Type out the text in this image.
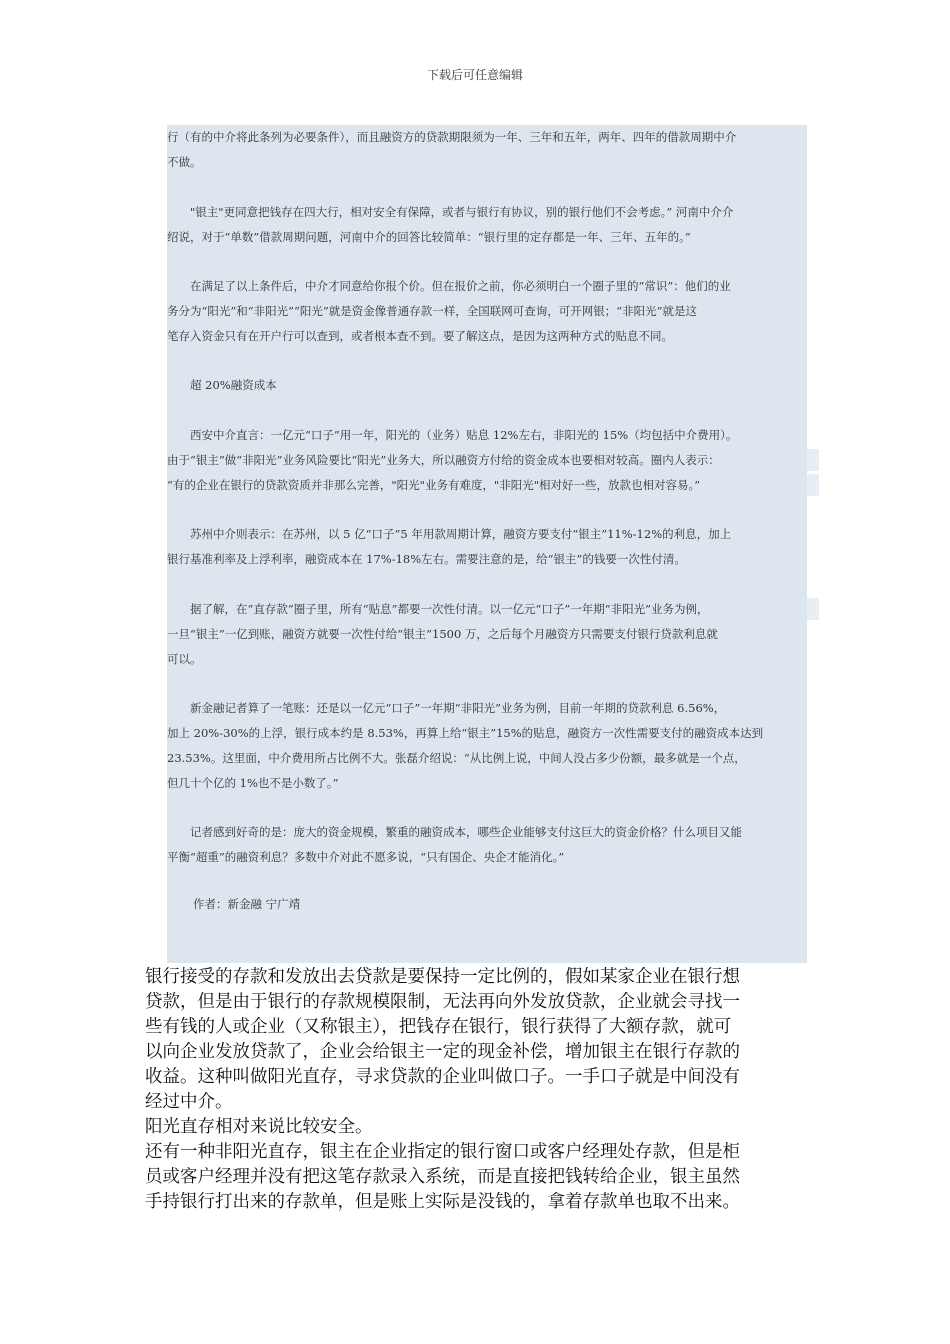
下载后可任意编辑
行（有的中介将此条列为必要条件），而且融资方的贷款期限须为一年、三年和五年，两年、四年的借款周期中介
不做。
　　"银主"更同意把钱存在四大行，相对安全有保障，或者与银行有协议，别的银行他们不会考虑。” 河南中介介
绍说，对于“单数”借款周期问题，河南中介的回答比较简单：“银行里的定存都是一年、三年、五年的。”
　　在满足了以上条件后，中介才同意给你报个价。但在报价之前，你必须明白一个圈子里的“常识”：他们的业
务分为“阳光”和“非阳光”“阳光”就是资金像普通存款一样，全国联网可查询，可开网银；“非阳光”就是这
笔存入资金只有在开户行可以查到，或者根本查不到。要了解这点，是因为这两种方式的贴息不同。
　　超 20%融资成本
　　西安中介直言：一亿元“口子”用一年，阳光的（业务）贴息 12%左右，非阳光的 15%（均包括中介费用）。
由于“银主”做“非阳光”业务风险要比“阳光”业务大，所以融资方付给的资金成本也要相对较高。圈内人表示：
“有的企业在银行的贷款资质并非那么完善，"阳光"业务有难度，"非阳光"相对好一些，放款也相对容易。”
　　苏州中介则表示：在苏州，以 5 亿“口子”5 年用款周期计算，融资方要支付“银主”11%-12%的利息，加上
银行基准利率及上浮利率，融资成本在 17%-18%左右。需要注意的是，给“银主”的钱要一次性付清。
　　据了解，在“直存款”圈子里，所有“贴息”都要一次性付清。以一亿元“口子”一年期“非阳光”业务为例，
一旦“银主”一亿到账，融资方就要一次性付给“银主”1500 万，之后每个月融资方只需要支付银行贷款利息就
可以。
　　新金融记者算了一笔账：还是以一亿元“口子”一年期“非阳光”业务为例，目前一年期的贷款利息 6.56%，
加上 20%-30%的上浮，银行成本约是 8.53%，再算上给“银主”15%的贴息，融资方一次性需要支付的融资成本达到
23.53%。这里面，中介费用所占比例不大。张磊介绍说：“从比例上说，中间人没占多少份额，最多就是一个点，
但几十个亿的 1%也不是小数了。”
　　记者感到好奇的是：庞大的资金规模，繁重的融资成本，哪些企业能够支付这巨大的资金价格？什么项目又能
平衡“超重”的融资利息？多数中介对此不愿多说，“只有国企、央企才能消化。”
作者：新金融 宁广靖
银行接受的存款和发放出去贷款是要保持一定比例的，假如某家企业在银行想
贷款，但是由于银行的存款规模限制，无法再向外发放贷款，企业就会寻找一
些有钱的人或企业（又称银主），把钱存在银行，银行获得了大额存款，就可
以向企业发放贷款了，企业会给银主一定的现金补偿，增加银主在银行存款的
收益。这种叫做阳光直存，寻求贷款的企业叫做口子。一手口子就是中间没有
经过中介。
阳光直存相对来说比较安全。
还有一种非阳光直存，银主在企业指定的银行窗口或客户经理处存款，但是柜
员或客户经理并没有把这笔存款录入系统，而是直接把钱转给企业，银主虽然
手持银行打出来的存款单，但是账上实际是没钱的，拿着存款单也取不出来。
